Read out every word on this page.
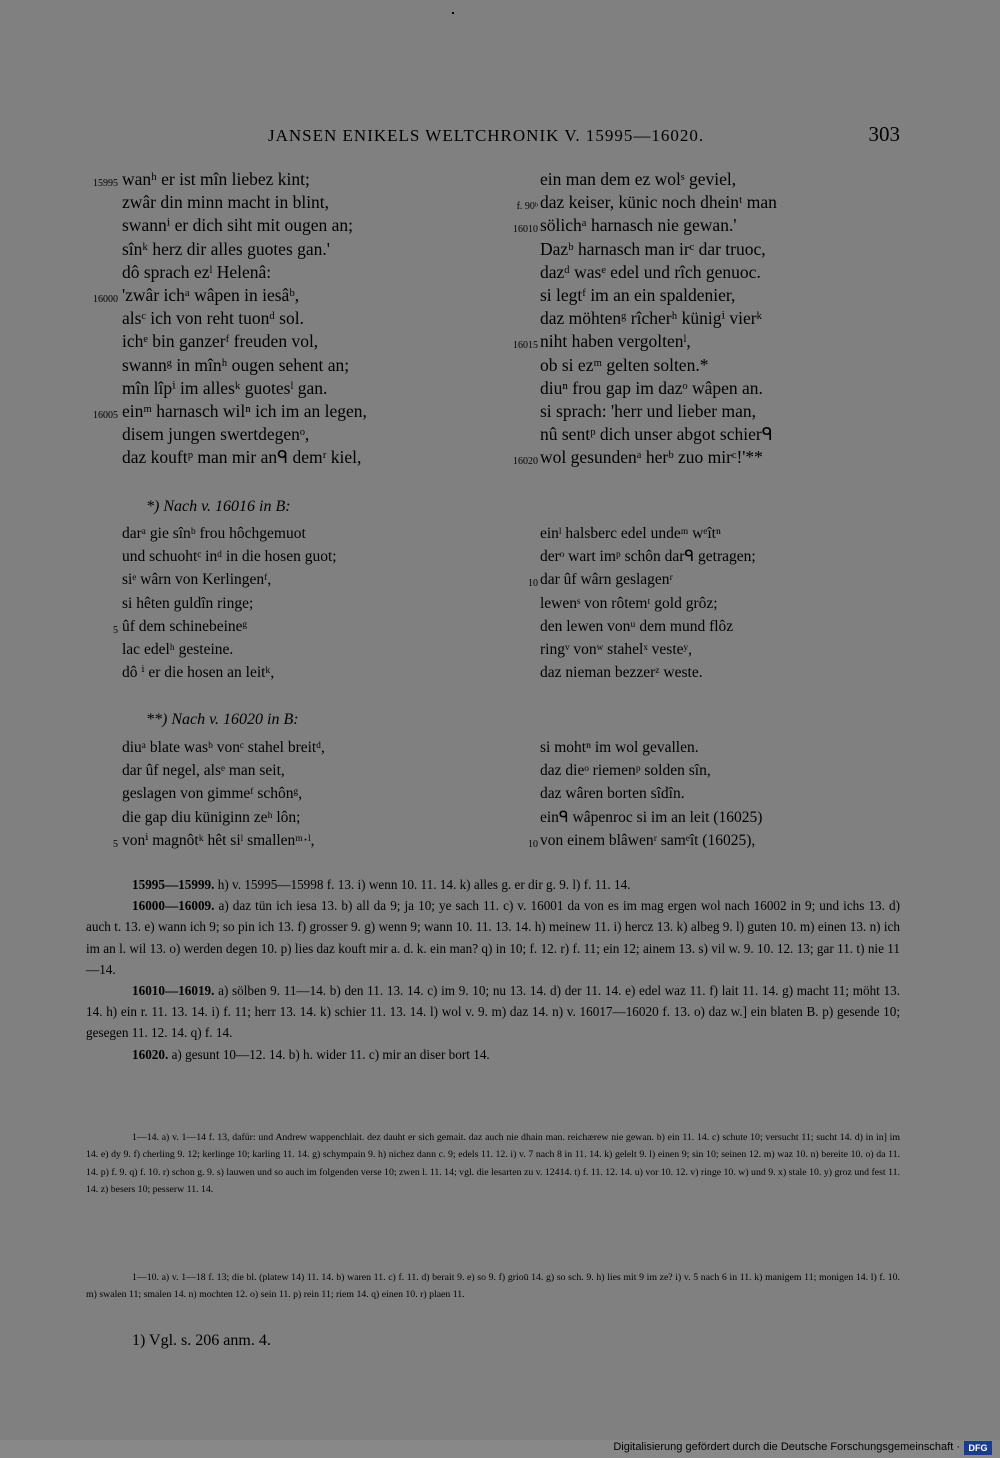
JANSEN ENIKELS WELTCHRONIK V. 15995—16020.	303
15995 wanʰ er ist mîn liebez kint;
zwâr din minn macht in blint,
swannⁱ er dich siht mit ougen an;
sînᵏ herz dir alles guotes gan.'
dô sprach ezˡ Helenâ:
16000 'zwâr ichᵃ wâpen in iesâᵇ,
alsᶜ ich von reht tuonᵈ sol.
ichᵉ bin ganzerᶠ freuden vol,
swannᵍ in mînʰ ougen sehent an;
mîn lîpⁱ im allesᵏ guotesˡ gan.
16005 einᵐ harnasch wilⁿ ich im an legen,
disem jungen swertdegenᵒ,
daz kouftᵖ man mir anᑫ demʳ kiel,
ein man dem ez wolˢ geviel,
f. 90ᵇ daz keiser, künic noch dheinᵗ man
16010 sölichᵃ harnasch nie gewan.'
Dazᵇ harnasch man irᶜ dar truoc,
dazᵈ wasᵉ edel und rîch genuoc.
si legtᶠ im an ein spaldenier,
daz möhtenᵍ rîcherʰ künigⁱ vierᵏ
16015 niht haben vergoltenˡ,
ob si ezᵐ gelten solten.*
diuⁿ frou gap im dazᵒ wâpen an.
si sprach: 'herr und lieber man,
nû sentᵖ dich unser abgot schierᑫ
16020 wol gesundenᵃ herᵇ zuo mirᶜ!'**
*) Nach v. 16016 in B:
darᵃ gie sînᵇ frou hôchgemuot
und schuohtᶜ inᵈ in die hosen guot;
siᵉ wârn von Kerlingenᶠ,
si hêten guldîn ringe;
5 ûf dem schinebeineᵍ
lac edelʰ gesteine.
dô ⁱ er die hosen an leitᵏ,
einˡ halsberc edel undeᵐ wᵉîtⁿ
derᵒ wart imᵖ schôn darᑫ getragen;
10 dar ûf wârn geslagenʳ
lewenˢ von rôtemᵗ gold grôz;
den lewen vonᵘ dem mund flôz
ringᵛ vonʷ stahelˣ vesteʸ,
daz nieman bezzerᶻ weste.
**) Nach v. 16020 in B:
diuᵃ blate wasᵇ vonᶜ stahel breitᵈ,
dar ûf negel, alsᵉ man seit,
geslagen von gimmeᶠ schônᵍ,
die gap diu küniginn zeʰ lôn;
5 vonⁱ magnôtᵏ hêt siˡ smallenᵐ·ˡ,
si mohtⁿ im wol gevallen.
daz dieᵒ riemenᵖ solden sîn,
daz wâren borten sîdîn.
einᑫ wâpenroc si im an leit (16025)
10 von einem blâwenʳ samᵉît (16025),

15995—15999. h) v. 15995—15998 f. 13. i) wenn 10. 11. 14. k) alles g. er dir g. 9. l) f. 11. 14.

16000—16009. a) daz tün ich iesa 13. b) all da 9; ja 10; ye sach 11. c) v. 16001 da von es im mag ergen wol nach 16002 in 9; und ichs 13. d) auch t. 13. e) wann ich 9; so pin ich 13. f) grosser 9. g) wenn 9; wann 10. 11. 13. 14. h) meinew 11. i) hercz 13. k) albeg 9. l) guten 10. m) einen 13. n) ich im an l. wil 13. o) werden degen 10. p) lies daz kouft mir a. d. k. ein man? q) in 10; f. 12. r) f. 11; ein 12; ainem 13. s) vil w. 9. 10. 12. 13; gar 11. t) nie 11—14.

16010—16019. a) sölben 9. 11—14. b) den 11. 13. 14. c) im 9. 10; nu 13. 14. d) der 11. 14. e) edel waz 11. f) lait 11. 14. g) macht 11; möht 13. 14. h) ein r. 11. 13. 14. i) f. 11; herr 13. 14. k) schier 11. 13. 14. l) wol v. 9. m) daz 14. n) v. 16017—16020 f. 13. o) daz w.] ein blaten B. p) gesende 10; gesegen 11. 12. 14. q) f. 14.

16020. a) gesunt 10—12. 14. b) h. wider 11. c) mir an diser bort 14.

1—14. a) v. 1—14 f. 13, dafür: und Andrew wappenchlait. dez dauht er sich gemait. daz auch nie dhain man. reichærew nie gewan. b) ein 11. 14. c) schute 10; versucht 11; sucht 14. d) in in] im 14. e) dy 9. f) cherling 9. 12; kerlinge 10; karling 11. 14. g) schympain 9. h) nichez dann c. 9; edels 11. 12. i) v. 7 nach 8 in 11. 14. k) gelelt 9. l) einen 9; sin 10; seinen 12. m) waz 10. n) bereite 10. o) da 11. 14. p) f. 9. q) f. 10. r) schon g. 9. s) lauwen und so auch im folgenden verse 10; zwen l. 11. 14; vgl. die lesarten zu v. 12414. t) f. 11. 12. 14. u) vor 10. 12. v) ringe 10. w) und 9. x) stale 10. y) groz und fest 11. 14. z) besers 10; pesserw 11. 14.

1—10. a) v. 1—18 f. 13; die bl. (platew 14) 11. 14. b) waren 11. c) f. 11. d) berait 9. e) so 9. f) grioū 14. g) so sch. 9. h) lies mit 9 im ze? i) v. 5 nach 6 in 11. k) manigem 11; monigen 14. l) f. 10. m) swalen 11; smalen 14. n) mochten 12. o) sein 11. p) rein 11; riem 14. q) einen 10. r) plaen 11.

1) Vgl. s. 206 anm. 4.
Digitalisierung gefördert durch die Deutsche Forschungsgemeinschaft · DFG
